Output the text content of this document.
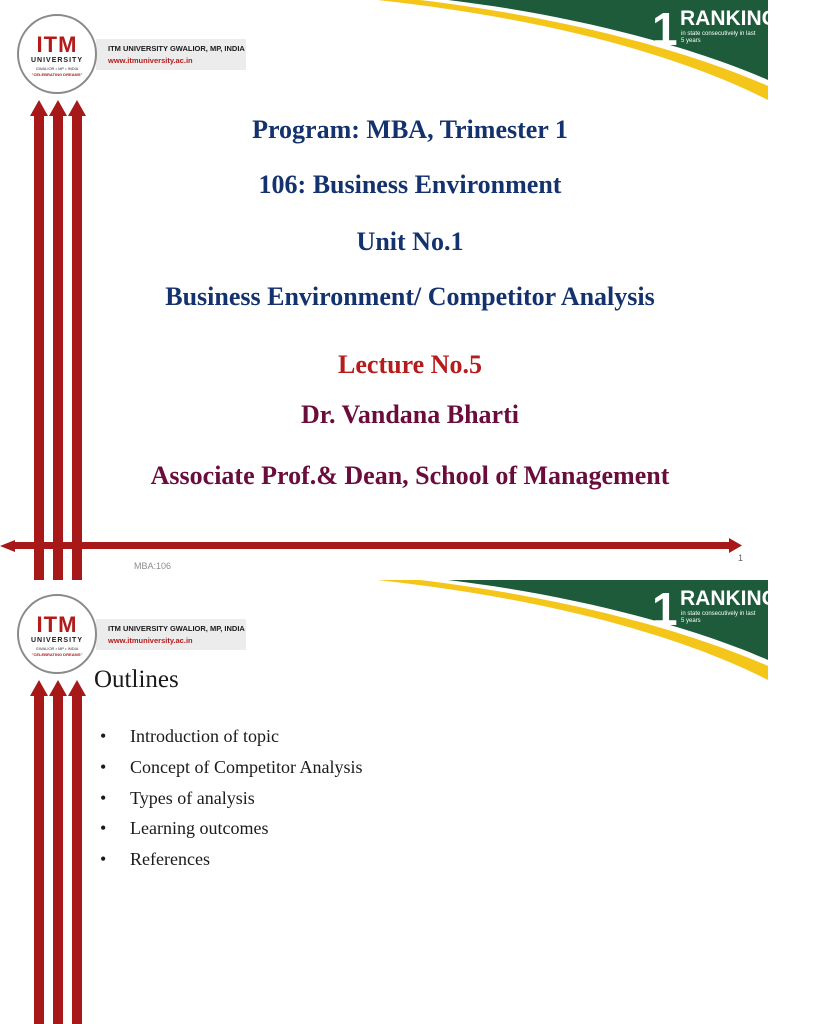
ITM
UNIVERSITY
GWALIOR • MP • INDIA
"CELEBRATING DREAMS"
ITM UNIVERSITY GWALIOR, MP, INDIA
www.itmuniversity.ac.in
1 RANKING
in state consecutively in last
5 years
Program: MBA, Trimester 1
106: Business Environment
Unit No.1
Business Environment/ Competitor Analysis
Lecture No.5
Dr. Vandana Bharti
Associate Prof.& Dean, School of Management
MBA:106
1
ITM
UNIVERSITY
GWALIOR • MP • INDIA
"CELEBRATING DREAMS"
ITM UNIVERSITY GWALIOR, MP, INDIA
www.itmuniversity.ac.in
1 RANKING
in state consecutively in last
5 years
Outlines
• Introduction of topic
• Concept of Competitor Analysis
• Types of analysis
• Learning outcomes
• References
